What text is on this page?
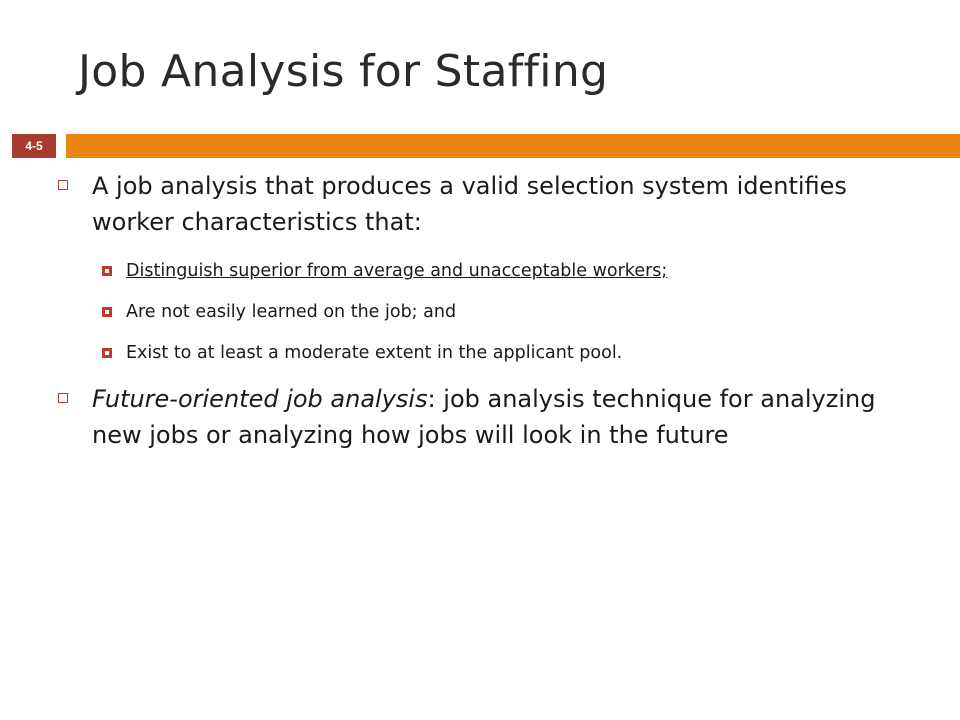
Job Analysis for Staffing
4-5

A job analysis that produces a valid selection system identifies worker characteristics that:

Distinguish superior from average and unacceptable workers;

Are not easily learned on the job; and

Exist to at least a moderate extent in the applicant pool.

Future-oriented job analysis: job analysis technique for analyzing new jobs or analyzing how jobs will look in the future
